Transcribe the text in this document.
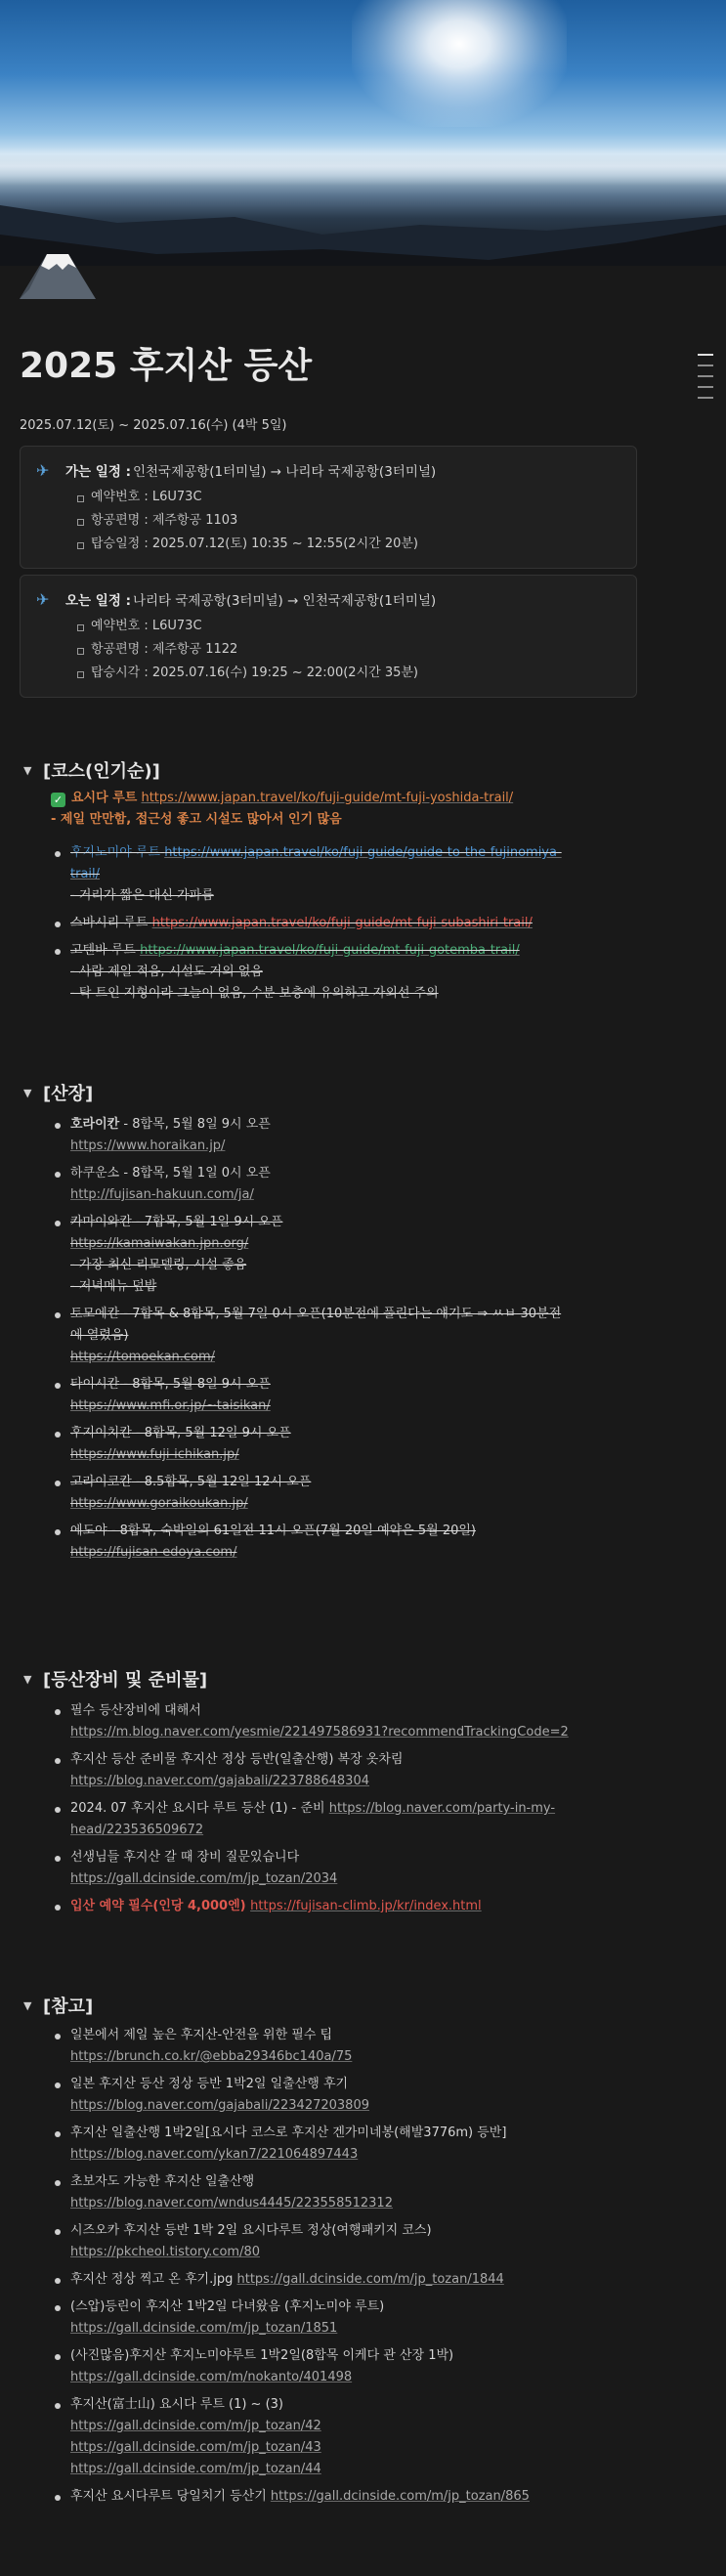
2025 후지산 등산
2025.07.12(토) ~ 2025.07.16(수) (4박 5일)
✈	가는 일정 : 인천국제공항(1터미널) → 나리타 국제공항(3터미널)
예약번호 : L6U73C
항공편명 : 제주항공 1103
탑승일정 : 2025.07.12(토) 10:35 ~ 12:55(2시간 20분)
✈	오는 일정 : 나리타 국제공항(3터미널) → 인천국제공항(1터미널)
예약번호 : L6U73C
항공편명 : 제주항공 1122
탑승시각 : 2025.07.16(수) 19:25 ~ 22:00(2시간 35분)
▼ [코스(인기순)]
✓ 요시다 루트 https://www.japan.travel/ko/fuji-guide/mt-fuji-yoshida-trail/
- 제일 만만함, 접근성 좋고 시설도 많아서 인기 많음
후지노미야 루트 https://www.japan.travel/ko/fuji-guide/guide-to-the-fujinomiya-
trail/
- 거리가 짧은 대신 가파름
스바시리 루트 https://www.japan.travel/ko/fuji-guide/mt-fuji-subashiri-trail/
고텐바 루트 https://www.japan.travel/ko/fuji-guide/mt-fuji-gotemba-trail/
- 사람 제일 적음, 시설도 거의 없음
- 탁 트인 지형이라 그늘이 없음, 수분 보충에 유의하고 자외선 주의
▼ [산장]
호라이칸 - 8합목, 5월 8일 9시 오픈
https://www.horaikan.jp/
하쿠운소 - 8합목, 5월 1일 0시 오픈
http://fujisan-hakuun.com/ja/
카마이와칸 - 7합목, 5월 1일 9시 오픈
https://kamaiwakan.jpn.org/
- 가장 최신 리모델링, 시설 좋음
- 저녁메뉴 덮밥
토모에칸 - 7합목 & 8합목, 5월 7일 0시 오픈(10분전에 풀린다는 얘기도 ⇒ ㅆㅂ 30분전
에 열렸음)
https://tomoekan.com/
타이시칸 - 8합목, 5월 8일 9시 오픈
https://www.mfi.or.jp/~taisikan/
후지이치칸 - 8합목, 5월 12일 9시 오픈
https://www.fuji-ichikan.jp/
고라이코칸 - 8.5합목, 5월 12일 12시 오픈
https://www.goraikoukan.jp/
에도야 - 8합목, 숙박일의 61일전 11시 오픈(7월 20일 예약은 5월 20일)
https://fujisan-edoya.com/
▼ [등산장비 및 준비물]
필수 등산장비에 대해서
https://m.blog.naver.com/yesmie/221497586931?recommendTrackingCode=2
후지산 등산 준비물 후지산 정상 등반(일출산행) 복장 옷차림
https://blog.naver.com/gajabali/223788648304
2024. 07 후지산 요시다 루트 등산 (1) - 준비 https://blog.naver.com/party-in-my-
head/223536509672
선생님들 후지산 갈 때 장비 질문있습니다
https://gall.dcinside.com/m/jp_tozan/2034
입산 예약 필수(인당 4,000엔) https://fujisan-climb.jp/kr/index.html
▼ [참고]
일본에서 제일 높은 후지산-안전을 위한 필수 팁
https://brunch.co.kr/@ebba29346bc140a/75
일본 후지산 등산 정상 등반 1박2일 일출산행 후기
https://blog.naver.com/gajabali/223427203809
후지산 일출산행 1박2일[요시다 코스로 후지산 겐가미네봉(해발3776m) 등반]
https://blog.naver.com/ykan7/221064897443
초보자도 가능한 후지산 일출산행
https://blog.naver.com/wndus4445/223558512312
시즈오카 후지산 등반 1박 2일 요시다루트 정상(여행패키지 코스)
https://pkcheol.tistory.com/80
후지산 정상 찍고 온 후기.jpg https://gall.dcinside.com/m/jp_tozan/1844
(스압)등린이 후지산 1박2일 다녀왔음 (후지노미야 루트)
https://gall.dcinside.com/m/jp_tozan/1851
(사진많음)후지산 후지노미야루트 1박2일(8합목 이케다 관 산장 1박)
https://gall.dcinside.com/m/nokanto/401498
후지산(富士山) 요시다 루트 (1) ~ (3)
https://gall.dcinside.com/m/jp_tozan/42
https://gall.dcinside.com/m/jp_tozan/43
https://gall.dcinside.com/m/jp_tozan/44
후지산 요시다루트 당일치기 등산기 https://gall.dcinside.com/m/jp_tozan/865
